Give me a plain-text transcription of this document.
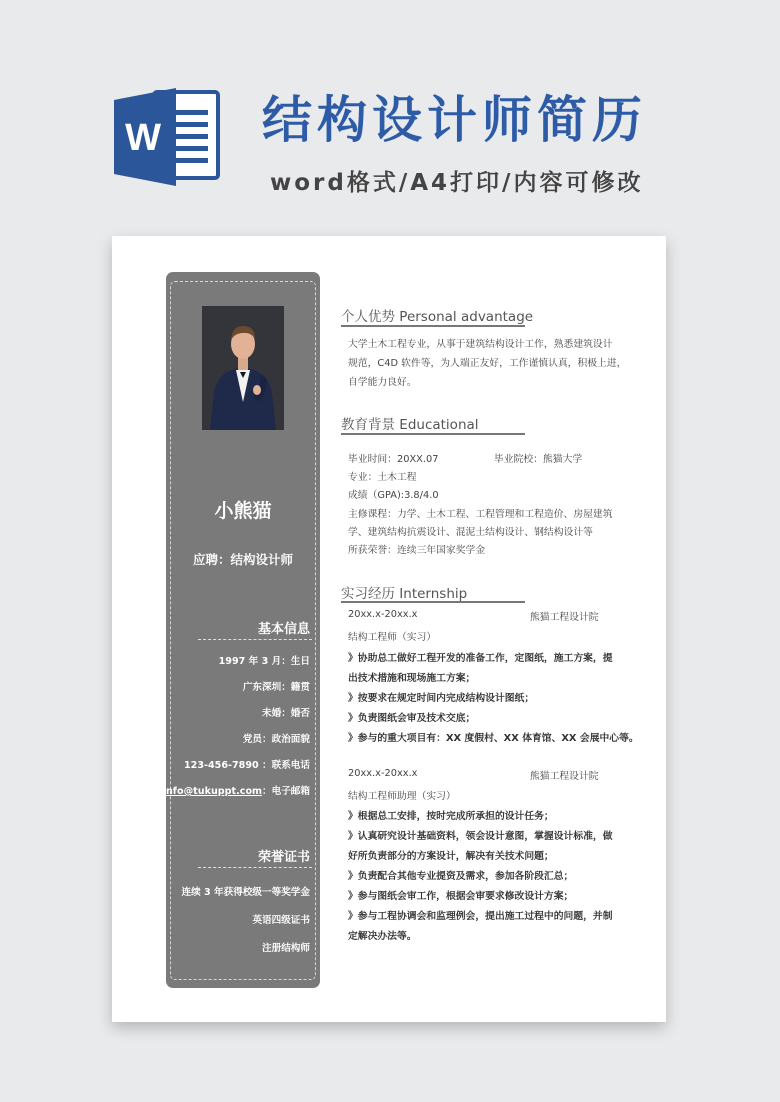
W 结构设计师简历
word格式/A4打印/内容可修改
小熊猫
应聘：结构设计师
基本信息
1997 年 3 月：生日
广东深圳：籍贯
未婚：婚否
党员：政治面貌
123-456-7890 ：联系电话
info@tukuppt.com：电子邮箱
荣誉证书
连续 3 年获得校级一等奖学金
英语四级证书
注册结构师
个人优势 Personal advantage
大学土木工程专业，从事于建筑结构设计工作，熟悉建筑设计
规范，C4D 软件等，为人端正友好，工作谨慎认真，积极上进，
自学能力良好。
教育背景 Educational
毕业时间：20XX.07	毕业院校：熊猫大学
专业：土木工程
成绩（GPA):3.8/4.0
主修课程：力学、土木工程、工程管理和工程造价、房屋建筑
学、建筑结构抗震设计、混泥土结构设计、钢结构设计等
所获荣誉：连续三年国家奖学金
实习经历 Internship
20xx.x-20xx.x	熊猫工程设计院
结构工程师（实习）
》协助总工做好工程开发的准备工作，定图纸，施工方案，提
出技术措施和现场施工方案；
》按要求在规定时间内完成结构设计图纸；
》负责图纸会审及技术交底；
》参与的重大项目有：XX 度假村、XX 体育馆、XX 会展中心等。
20xx.x-20xx.x	熊猫工程设计院
结构工程师助理（实习）
》根据总工安排，按时完成所承担的设计任务；
》认真研究设计基础资料，领会设计意图，掌握设计标准，做
好所负责部分的方案设计，解决有关技术问题；
》负责配合其他专业提资及需求，参加各阶段汇总；
》参与图纸会审工作，根据会审要求修改设计方案；
》参与工程协调会和监理例会，提出施工过程中的问题，并制
定解决办法等。
